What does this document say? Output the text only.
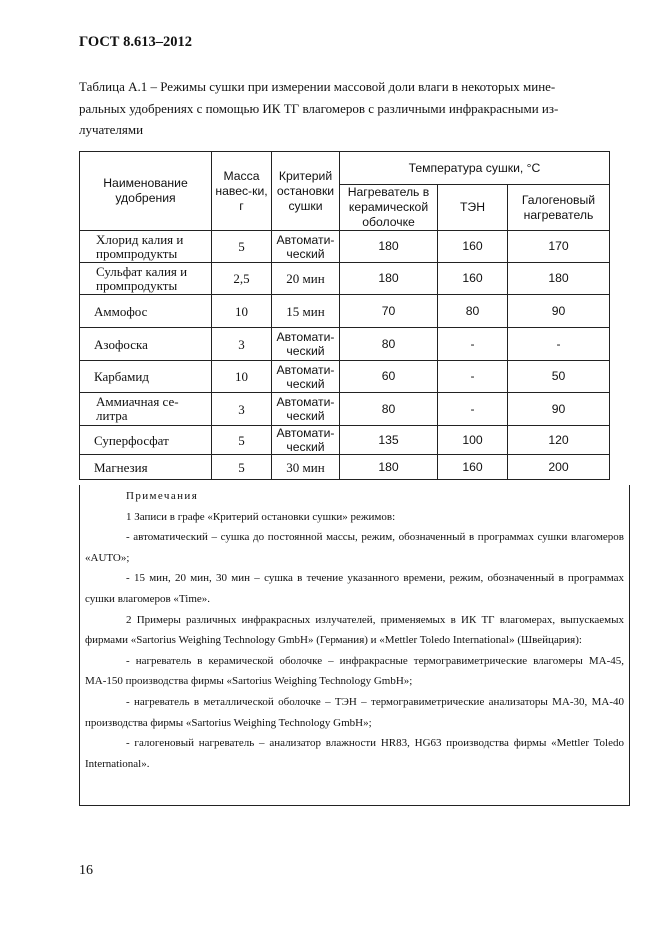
ГОСТ 8.613–2012
Таблица А.1 – Режимы сушки при измерении массовой доли влаги в некоторых мине-
ральных удобрениях с помощью ИК ТГ влагомеров с различными инфракрасными из-
лучателями
Наименование удобрения	Масса навес-ки, г	Критерий остановки сушки	Температура сушки, °С		
			Нагреватель в керамической оболочке	ТЭН	Галогеновый нагреватель
Хлорид калия и промпродукты	5	Автомати-ческий	180	160	170
Сульфат калия и промпродукты	2,5	20 мин	180	160	180
Аммофос	10	15 мин	70	80	90
Азофоска	3	Автомати-ческий	80	-	-
Карбамид	10	Автомати-ческий	60	-	50
Аммиачная се-литра	3	Автомати-ческий	80	-	90
Суперфосфат	5	Автомати-ческий	135	100	120
Магнезия	5	30 мин	180	160	200

Примечания

1 Записи в графе «Критерий остановки сушки» режимов:

- автоматический – сушка до постоянной массы, режим, обозначенный в программах сушки влагомеров «AUTO»;

- 15 мин, 20 мин, 30 мин – сушка в течение указанного времени, режим, обозначенный в программах сушки влагомеров «Time».

2 Примеры различных инфракрасных излучателей, применяемых в ИК ТГ влагомерах, выпускаемых фирмами «Sartorius Weighing Technology GmbH» (Германия) и «Mettler Toledo International» (Швейцария):

- нагреватель в керамической оболочке – инфракрасные термогравиметрические влагомеры МА-45, МА-150 производства фирмы «Sartorius Weighing Technology GmbH»;

- нагреватель в металлической оболочке – ТЭН – термогравиметрические анализаторы МА-30, МА-40 производства фирмы «Sartorius Weighing Technology GmbH»;

- галогеновый нагреватель – анализатор влажности HR83, HG63 производства фирмы «Mettler Toledo International».

16
